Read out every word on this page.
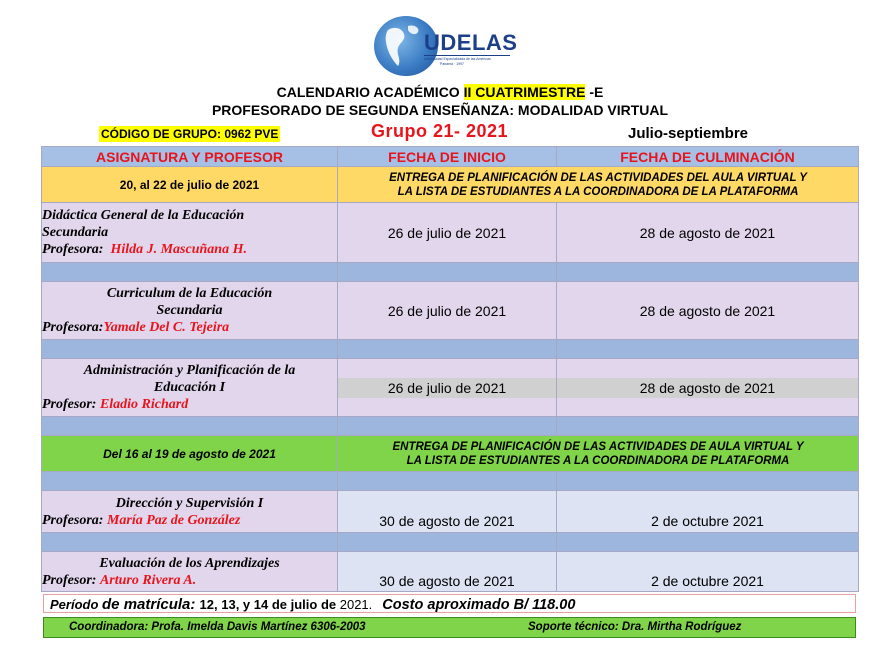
UDELAS
Universidad Especializada de las Américas
Panamá · 1997
CALENDARIO ACADÉMICO II CUATRIMESTRE -E
PROFESORADO DE SEGUNDA ENSEÑANZA: MODALIDAD VIRTUAL
CÓDIGO DE GRUPO: 0962 PVE	Grupo 21- 2021	Julio-septiembre
ASIGNATURA Y PROFESOR	FECHA DE INICIO	FECHA DE CULMINACIÓN
20, al 22 de julio de 2021	ENTREGA DE PLANIFICACIÓN DE LAS ACTIVIDADES DEL AULA VIRTUAL Y
LA LISTA DE ESTUDIANTES A LA COORDINADORA DE LA PLATAFORMA	

Didáctica General de la Educación
Secundaria
Profesora: Hilda J. Mascuñana H.	26 de julio de 2021	28 de agosto de 2021

Curriculum de la Educación
Secundaria
Profesora:Yamale Del C. Tejeira	26 de julio de 2021	28 de agosto de 2021

Administración y Planificación de la
Educación I
Profesor: Eladio Richard	26 de julio de 2021	28 de agosto de 2021

Del 16 al 19 de agosto de 2021	ENTREGA DE PLANIFICACIÓN DE LAS ACTIVIDADES DE AULA VIRTUAL Y
LA LISTA DE ESTUDIANTES A LA COORDINADORA DE PLATAFORMA	

Dirección y Supervisión I
Profesora: María Paz de González	30 de agosto de 2021	2 de octubre 2021

Evaluación de los Aprendizajes
Profesor: Arturo Rivera A.	30 de agosto de 2021	2 de octubre 2021
Período de matrícula: 12, 13, y 14 de julio de 2021. Costo aproximado B/ 118.00
Coordinadora: Profa. Imelda Davis Martínez 6306-2003	Soporte técnico: Dra. Mirtha Rodríguez
